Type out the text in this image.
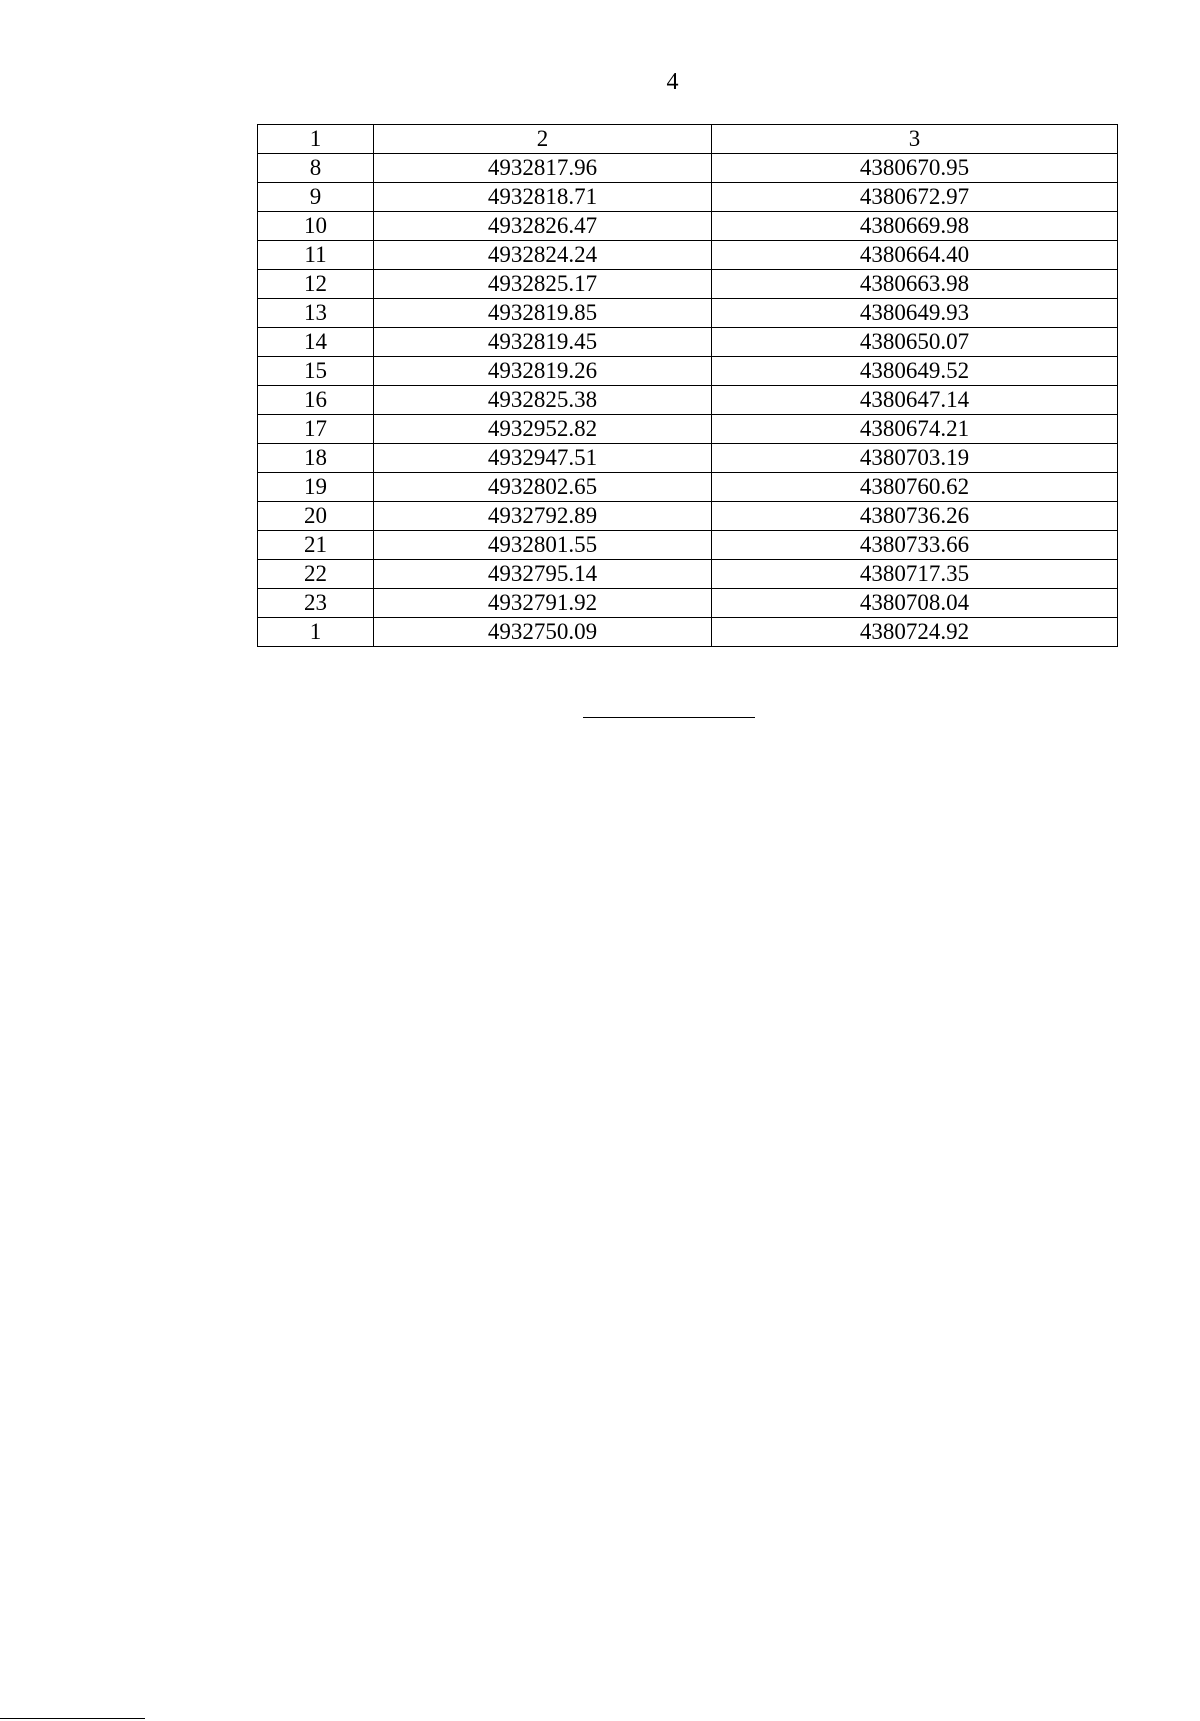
4
1	2	3
8	4932817.96	4380670.95
9	4932818.71	4380672.97
10	4932826.47	4380669.98
11	4932824.24	4380664.40
12	4932825.17	4380663.98
13	4932819.85	4380649.93
14	4932819.45	4380650.07
15	4932819.26	4380649.52
16	4932825.38	4380647.14
17	4932952.82	4380674.21
18	4932947.51	4380703.19
19	4932802.65	4380760.62
20	4932792.89	4380736.26
21	4932801.55	4380733.66
22	4932795.14	4380717.35
23	4932791.92	4380708.04
1	4932750.09	4380724.92
